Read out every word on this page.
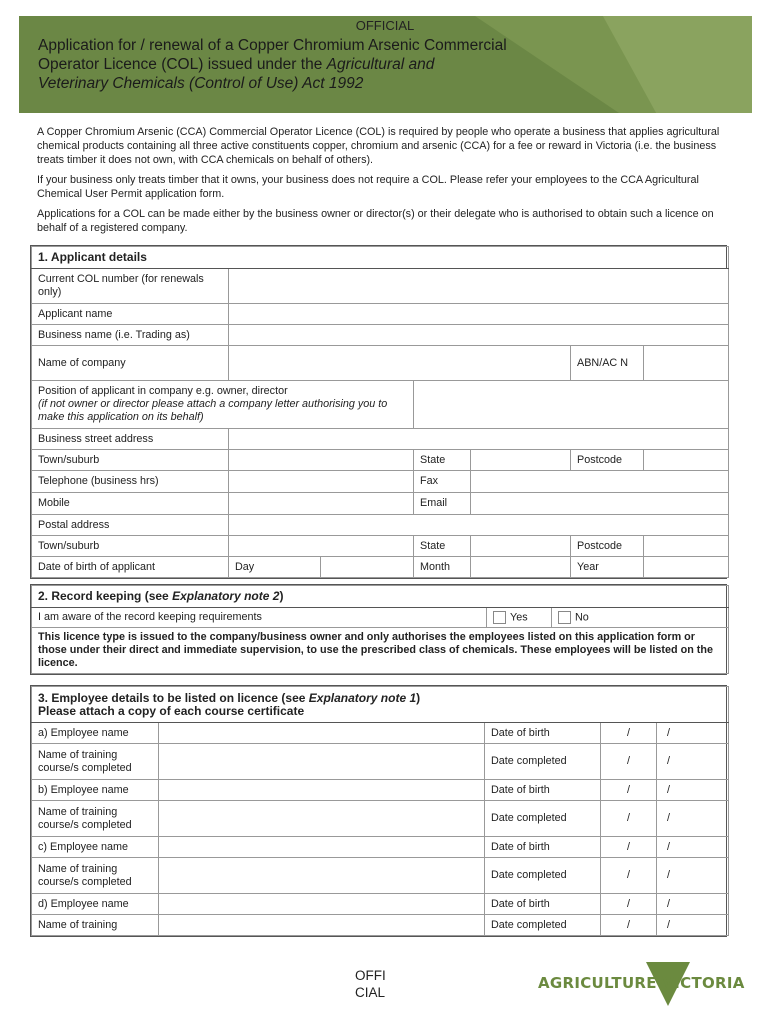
OFFICIAL
Application for / renewal of a Copper Chromium Arsenic Commercial
Operator Licence (COL) issued under the Agricultural and
Veterinary Chemicals (Control of Use) Act 1992

A Copper Chromium Arsenic (CCA) Commercial Operator Licence (COL) is required by people who operate a business that applies agricultural chemical products containing all three active constituents copper, chromium and arsenic (CCA) for a fee or reward in Victoria (i.e. the business treats timber it does not own, with CCA chemicals on behalf of others).

If your business only treats timber that it owns, your business does not require a COL. Please refer your employees to the CCA Agricultural Chemical User Permit application form.

Applications for a COL can be made either by the business owner or director(s) or their delegate who is authorised to obtain such a licence on behalf of a registered company.

1. Applicant details						
Current COL number (for renewals only)						
Applicant name						
Business name (i.e. Trading as)						
Name of company					ABN/AC N	
Position of applicant in company e.g. owner, director
(if not owner or director please attach a company letter authorising you to make this application on its behalf)						
Business street address						
Town/suburb			State		Postcode	
Telephone (business hrs)			Fax			
Mobile			Email			
Postal address						
Town/suburb			State		Postcode	
Date of birth of applicant	Day		Month		Year	
2. Record keeping (see Explanatory note 2)
I am aware of the record keeping requirements	Yes	No
This licence type is issued to the company/business owner and only authorises the employees listed on this application form or those under their direct and immediate supervision, to use the prescribed class of chemicals. These employees will be listed on the licence.
3. Employee details to be listed on licence (see Explanatory note 1)
Please attach a copy of each course certificate				

a) Employee name		Date of birth	/	/
Name of training course/s completed		Date completed	/	/
b) Employee name		Date of birth	/	/
Name of training course/s completed		Date completed	/	/
c) Employee name		Date of birth	/	/
Name of training course/s completed		Date completed	/	/
d) Employee name		Date of birth	/	/
Name of training		Date completed	/	/
OFFI
CIAL
AGRICULTURE VICTORIA
